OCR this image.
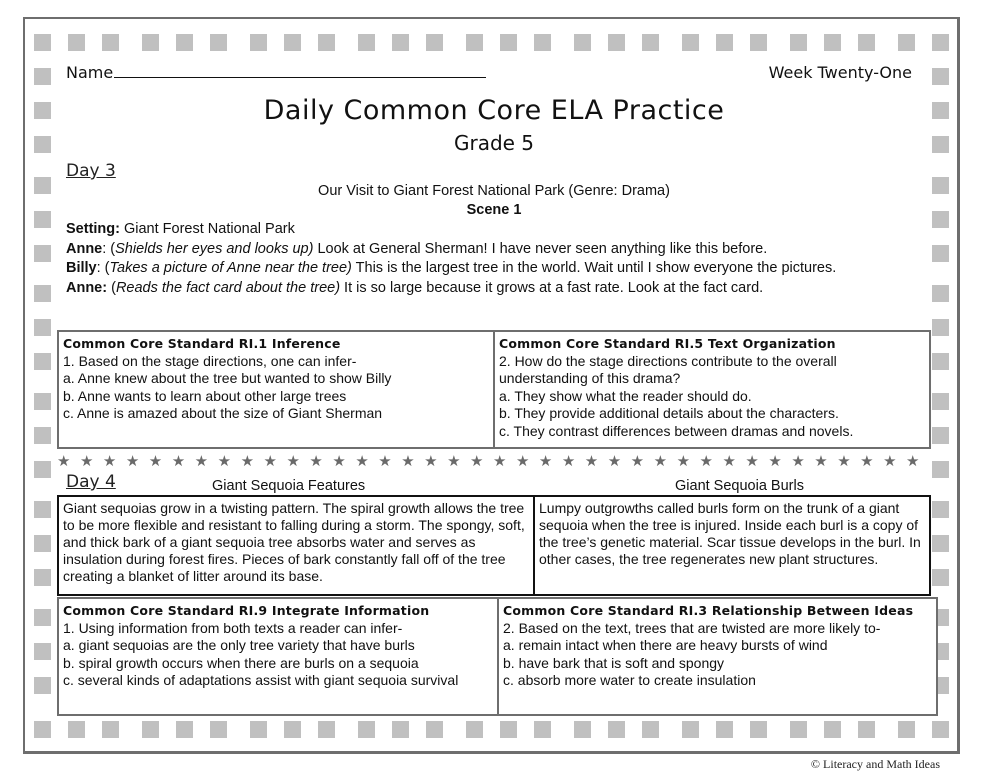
Name	Week Twenty-One
Daily Common Core ELA Practice
Grade 5
Day 3
Our Visit to Giant Forest National Park (Genre: Drama)
Scene 1

Setting: Giant Forest National Park

Anne: (Shields her eyes and looks up) Look at General Sherman! I have never seen anything like this before.

Billy: (Takes a picture of Anne near the tree) This is the largest tree in the world. Wait until I show everyone the pictures.

Anne: (Reads the fact card about the tree) It is so large because it grows at a fast rate. Look at the fact card.

Common Core Standard RI.1 Inference

1. Based on the stage directions, one can infer-

a. Anne knew about the tree but wanted to show Billy

b. Anne wants to learn about other large trees

c. Anne is amazed about the size of Giant Sherman

Common Core Standard RI.5 Text Organization

2. How do the stage directions contribute to the overall understanding of this drama?

a. They show what the reader should do.

b. They provide additional details about the characters.

c. They contrast differences between dramas and novels.

★★★★★★★★★★★★★★★★★★★★★★★★★★★★★★★★★★★★★★
Day 4	Giant Sequoia Features	Giant Sequoia Burls

Giant sequoias grow in a twisting pattern. The spiral growth allows the tree to be more flexible and resistant to falling during a storm. The spongy, soft, and thick bark of a giant sequoia tree absorbs water and serves as insulation during forest fires. Pieces of bark constantly fall off of the tree creating a blanket of litter around its base.

Lumpy outgrowths called burls form on the trunk of a giant sequoia when the tree is injured. Inside each burl is a copy of the tree’s genetic material. Scar tissue develops in the burl. In other cases, the tree regenerates new plant structures.

Common Core Standard RI.9 Integrate Information

1. Using information from both texts a reader can infer-

a. giant sequoias are the only tree variety that have burls

b. spiral growth occurs when there are burls on a sequoia

c. several kinds of adaptations assist with giant sequoia survival

Common Core Standard RI.3 Relationship Between Ideas

2. Based on the text, trees that are twisted are more likely to-

a. remain intact when there are heavy bursts of wind

b. have bark that is soft and spongy

c. absorb more water to create insulation

© Literacy and Math Ideas
